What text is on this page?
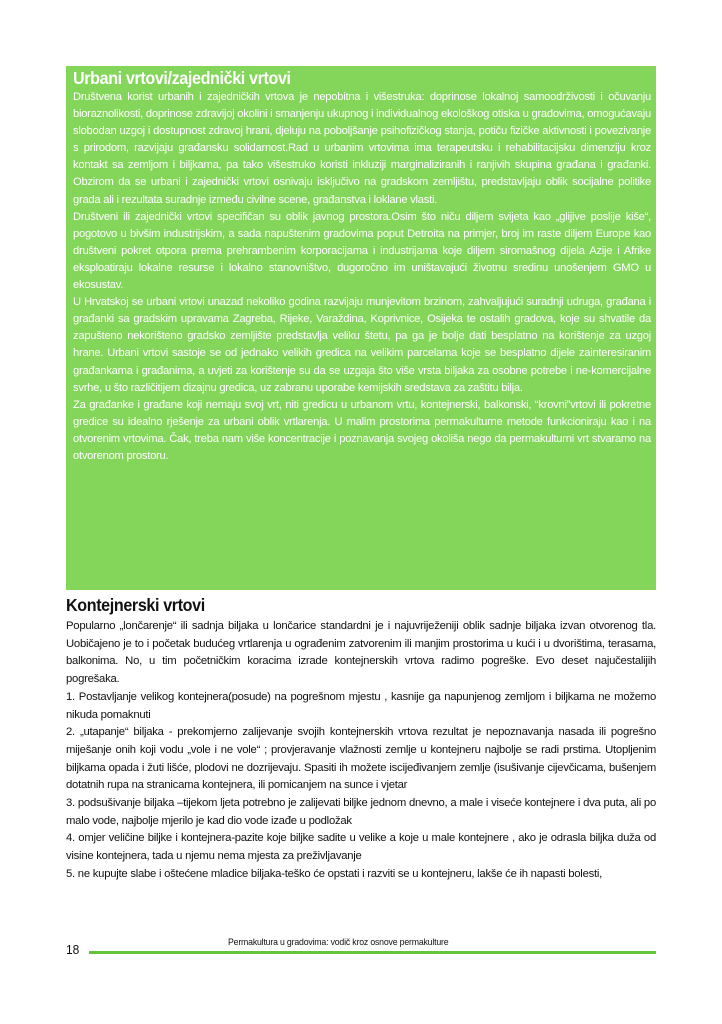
Urbani vrtovi/zajednički vrtovi

Društvena korist urbanih i zajedničkih vrtova je nepobitna i višestruka: doprinose lokalnoj samoodrživosti i očuvanju bioraznolikosti, doprinose zdravijoj okolini i smanjenju ukupnog i individualnog ekološkog otiska u gradovima, omogućavaju slobodan uzgoj i dostupnost zdravoj hrani, djeluju na poboljšanje psihofizičkog stanja, potiču fizičke aktivnosti i povezivanje s prirodom, razvijaju građansku solidarnost.Rad u urbanim vrtovima ima terapeutsku i rehabilitacijsku dimenziju kroz kontakt sa zemljom i biljkama, pa tako višestruko koristi inkluziji marginaliziranih i ranjivih skupina građana i građanki. Obzirom da se urbani i zajednički vrtovi osnivaju isključivo na gradskom zemljištu, predstavljaju oblik socijalne politike grada ali i rezultata suradnje između civilne scene, građanstva i loklane vlasti.

Društveni ili zajednički vrtovi specifičan su oblik javnog prostora.Osim što niču diljem svijeta kao „glijive poslije kiše“, pogotovo u bivšim industrijskim, a sada napuštenim gradovima poput Detroita na primjer, broj im raste diljem Europe kao društveni pokret otpora prema prehrambenim korporacijama i industrijama koje diljem siromašnog dijela Azije i Afrike eksploatiraju lokalne resurse i lokalno stanovništvo, dugoročno im uništavajući životnu sredinu unošenjem GMO u ekosustav.

U Hrvatskoj se urbani vrtovi unazad nekoliko godina razvijaju munjevitom brzinom, zahvaljujući suradnji udruga, građana i građanki sa gradskim upravama Zagreba, Rijeke, Varaždina, Koprivnice, Osijeka te ostalih gradova, koje su shvatile da zapušteno nekorišteno gradsko zemljište predstavlja veliku štetu, pa ga je bolje dati besplatno na korištenje za uzgoj hrane. Urbani vrtovi sastoje se od jednako velikih gredica na velikim parcelama koje se besplatno dijele zainteresiranim građankama i građanima, a uvjeti za korištenje su da se uzgaja što više vrsta biljaka za osobne potrebe i ne-komercijalne svrhe, u što različitijem dizajnu gredica, uz zabranu uporabe kemijskih sredstava za zaštitu bilja.

Za građanke i građane koji nemaju svoj vrt, niti gredicu u urbanom vrtu, kontejnerski, balkonski, “krovni”vrtovi ili pokretne gredice su idealno rješenje za urbani oblik vrtlarenja. U malim prostorima permakulturne metode funkcioniraju kao i na otvorenim vrtovima. Čak, treba nam više koncentracije i poznavanja svojeg okoliša nego da permakulturni vrt stvaramo na otvorenom prostoru.

Kontejnerski vrtovi

Popularno „lončarenje“ ili sadnja biljaka u lončarice standardni je i najuvriježeniji oblik sadnje biljaka izvan otvorenog tla. Uobičajeno je to i početak budućeg vrtlarenja u ograđenim zatvorenim ili manjim prostorima u kući i u dvorištima, terasama, balkonima. No, u tim početničkim koracima izrade kontejnerskih vrtova radimo pogreške. Evo deset najučestalijih pogrešaka.

1. Postavljanje velikog kontejnera(posude) na pogrešnom mjestu , kasnije ga napunjenog zemljom i biljkama ne možemo nikuda pomaknuti

2. „utapanje“ biljaka - prekomjerno zalijevanje svojih kontejnerskih vrtova rezultat je nepoznavanja nasada ili pogrešno miješanje onih koji vodu „vole i ne vole“ ; provjeravanje vlažnosti zemlje u kontejneru najbolje se radi prstima. Utopljenim biljkama opada i žuti lišće, plodovi ne dozrijevaju. Spasiti ih možete iscijeđivanjem zemlje (isušivanje cijevčicama, bušenjem dotatnih rupa na stranicama kontejnera, ili pomicanjem na sunce i vjetar

3. podsušivanje biljaka –tijekom ljeta potrebno je zalijevati biljke jednom dnevno, a male i viseće kontejnere i dva puta, ali po malo vode, najbolje mjerilo je kad dio vode izađe u podložak

4. omjer veličine biljke i kontejnera-pazite koje biljke sadite u velike a koje u male kontejnere , ako je odrasla biljka duža od visine kontejnera, tada u njemu nema mjesta za preživljavanje

5. ne kupujte slabe i oštećene mladice biljaka-teško će opstati i razviti se u kontejneru, lakše će ih napasti bolesti,

18	Permakultura u gradovima: vodič kroz osnove permakulture
